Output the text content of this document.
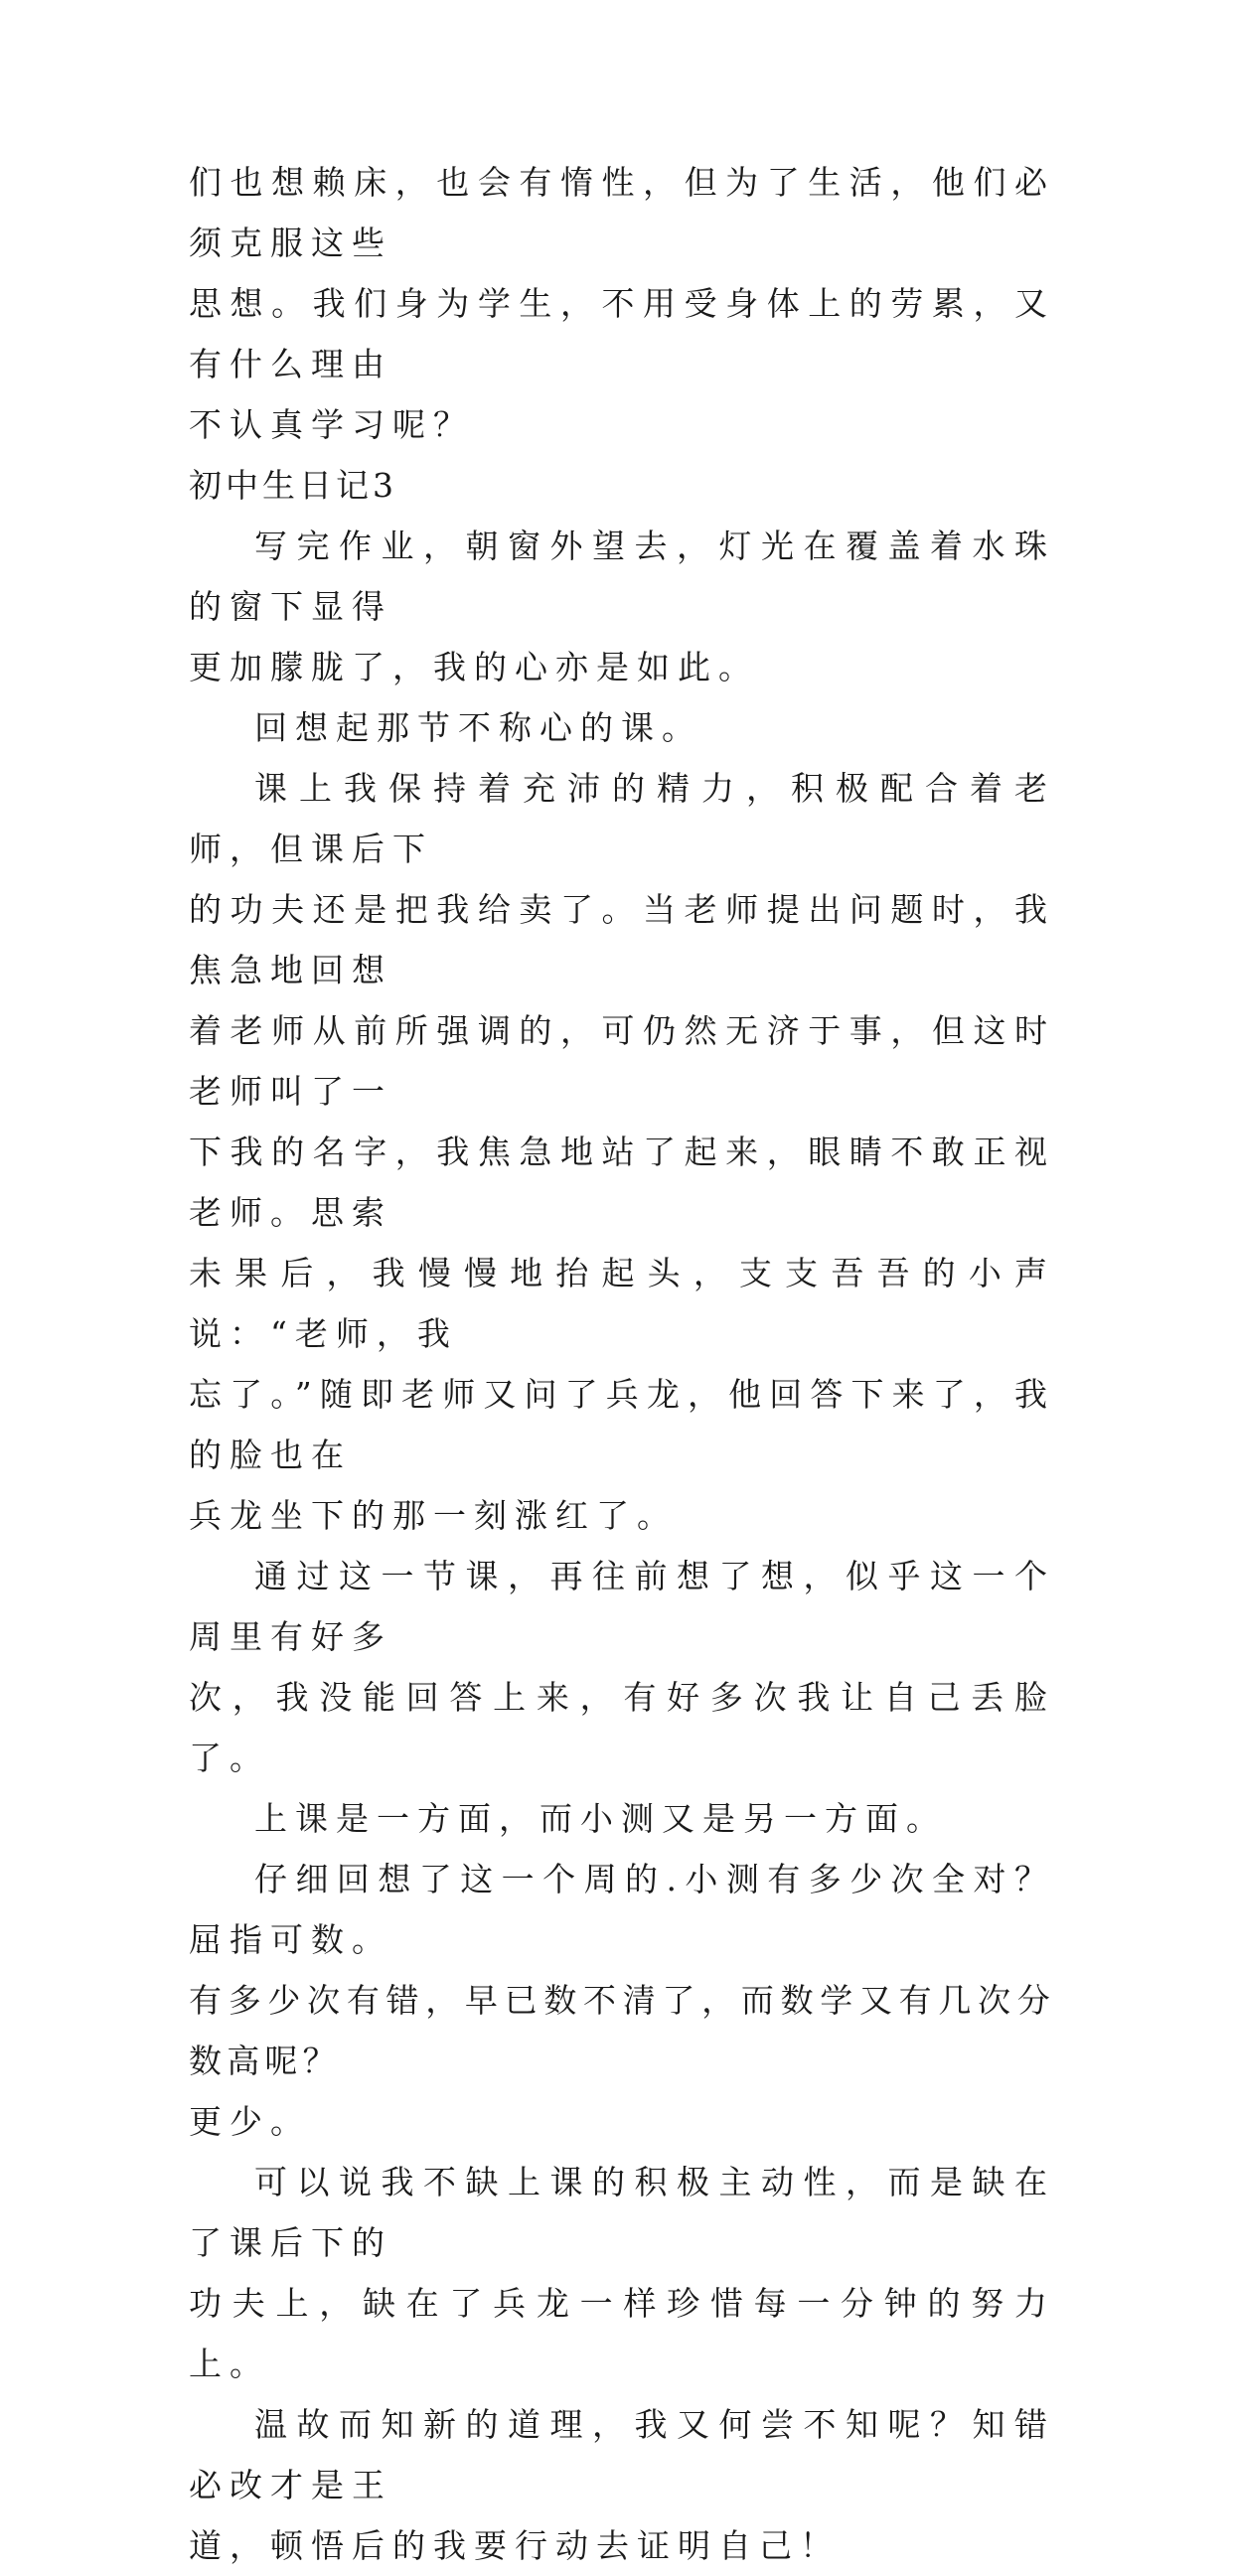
们也想赖床，也会有惰性，但为了生活，他们必须克服这些
思想。我们身为学生，不用受身体上的劳累，又有什么理由
不认真学习呢？

初中生日记3

写完作业，朝窗外望去，灯光在覆盖着水珠的窗下显得
更加朦胧了，我的心亦是如此。

回想起那节不称心的课。

课上我保持着充沛的精力，积极配合着老师，但课后下
的功夫还是把我给卖了。当老师提出问题时，我焦急地回想
着老师从前所强调的，可仍然无济于事，但这时老师叫了一
下我的名字，我焦急地站了起来，眼睛不敢正视老师。思索
未果后，我慢慢地抬起头，支支吾吾的小声说：“老师，我
忘了。”随即老师又问了兵龙，他回答下来了，我的脸也在
兵龙坐下的那一刻涨红了。

通过这一节课，再往前想了想，似乎这一个周里有好多
次，我没能回答上来，有好多次我让自己丢脸了。

上课是一方面，而小测又是另一方面。

仔细回想了这一个周的.小测有多少次全对？屈指可数。
有多少次有错，早已数不清了，而数学又有几次分数高呢？
更少。

可以说我不缺上课的积极主动性，而是缺在了课后下的
功夫上，缺在了兵龙一样珍惜每一分钟的努力上。

温故而知新的道理，我又何尝不知呢？知错必改才是王
道，顿悟后的我要行动去证明自己！
